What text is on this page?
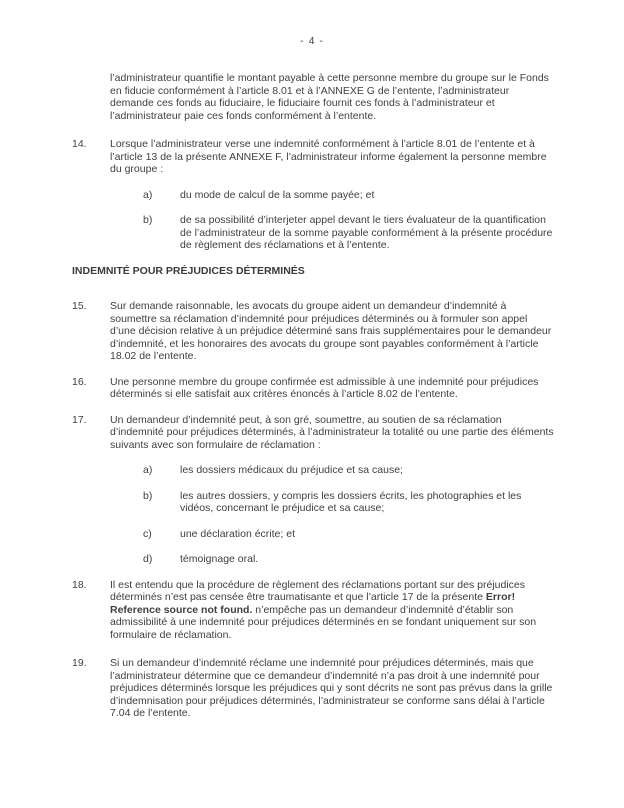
- 4 -
l’administrateur quantifie le montant payable à cette personne membre du groupe sur le Fonds en fiducie conformément à l’article 8.01 et à l’ANNEXE G de l’entente, l’administrateur demande ces fonds au fiduciaire, le fiduciaire fournit ces fonds à l’administrateur et l’administrateur paie ces fonds conformément à l’entente.
14.	Lorsque l’administrateur verse une indemnité conformément à l’article 8.01 de l’entente et à l’article 13 de la présente ANNEXE F, l’administrateur informe également la personne membre du groupe :
a)	du mode de calcul de la somme payée; et
b)	de sa possibilité d’interjeter appel devant le tiers évaluateur de la quantification de l’administrateur de la somme payable conformément à la présente procédure de règlement des réclamations et à l’entente.
INDEMNITÉ POUR PRÉJUDICES DÉTERMINÉS
15.	Sur demande raisonnable, les avocats du groupe aident un demandeur d’indemnité à soumettre sa réclamation d’indemnité pour préjudices déterminés ou à formuler son appel d’une décision relative à un préjudice déterminé sans frais supplémentaires pour le demandeur d’indemnité, et les honoraires des avocats du groupe sont payables conformément à l’article 18.02 de l’entente.
16.	Une personne membre du groupe confirmée est admissible à une indemnité pour préjudices déterminés si elle satisfait aux critères énoncés à l’article 8.02 de l’entente.
17.	Un demandeur d’indemnité peut, à son gré, soumettre, au soutien de sa réclamation d’indemnité pour préjudices déterminés, à l’administrateur la totalité ou une partie des éléments suivants avec son formulaire de réclamation :
a)	les dossiers médicaux du préjudice et sa cause;
b)	les autres dossiers, y compris les dossiers écrits, les photographies et les vidéos, concernant le préjudice et sa cause;
c)	une déclaration écrite; et
d)	témoignage oral.
18.	Il est entendu que la procédure de règlement des réclamations portant sur des préjudices déterminés n’est pas censée être traumatisante et que l’article 17 de la présente Error! Reference source not found. n’empêche pas un demandeur d’indemnité d’établir son admissibilité à une indemnité pour préjudices déterminés en se fondant uniquement sur son formulaire de réclamation.
19.	Si un demandeur d’indemnité réclame une indemnité pour préjudices déterminés, mais que l’administrateur détermine que ce demandeur d’indemnité n’a pas droit à une indemnité pour préjudices déterminés lorsque les préjudices qui y sont décrits ne sont pas prévus dans la grille d’indemnisation pour préjudices déterminés, l’administrateur se conforme sans délai à l’article 7.04 de l’entente.
